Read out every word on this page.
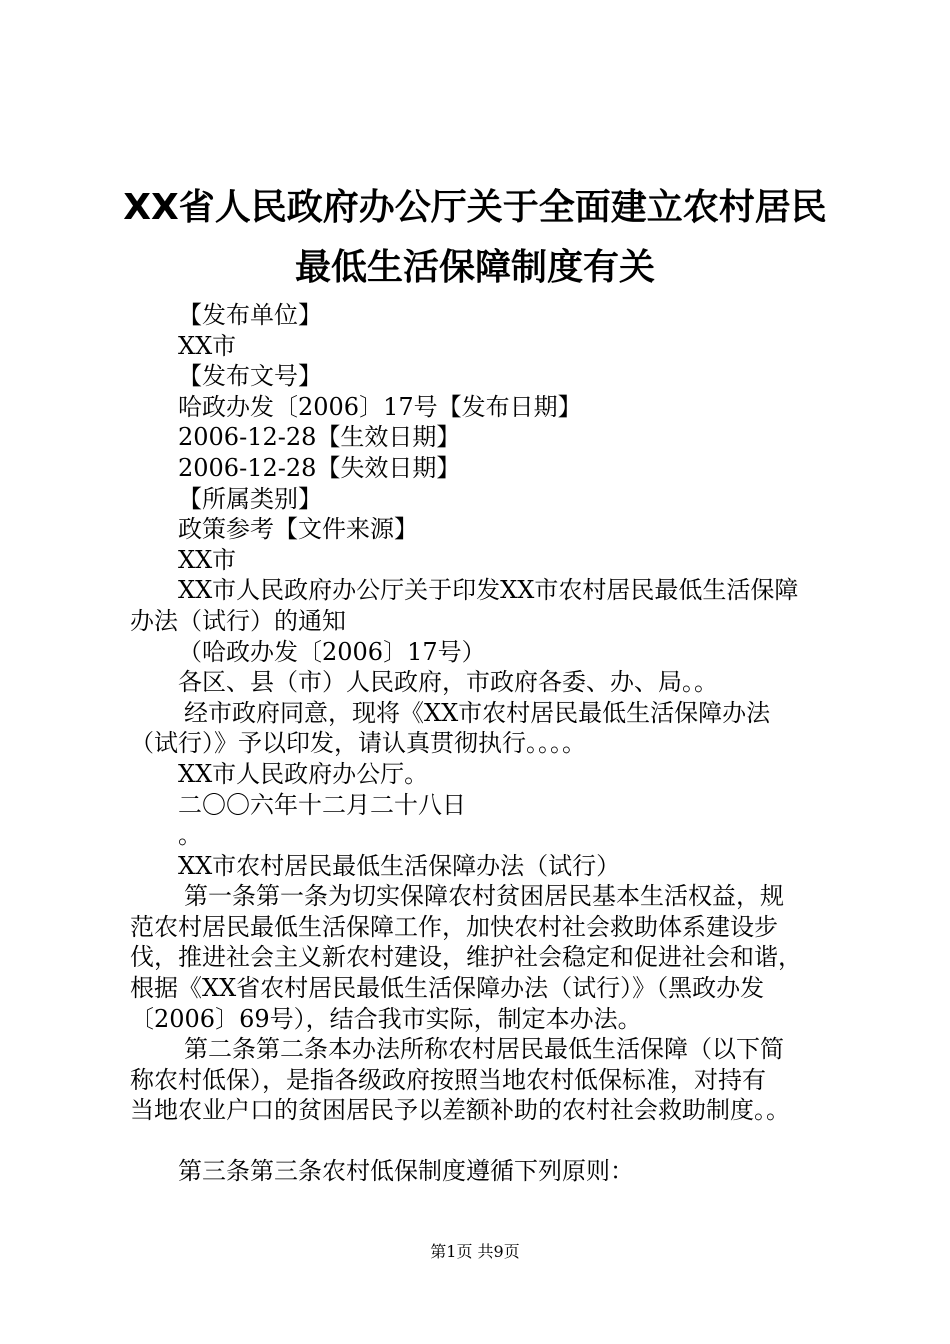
XX省人民政府办公厅关于全面建立农村居民
最低生活保障制度有关

【发布单位】

XX市

【发布文号】

哈政办发〔2006〕17号【发布日期】

2006-12-28【生效日期】

2006-12-28【失效日期】

【所属类别】

政策参考【文件来源】

XX市

XX市人民政府办公厅关于印发XX市农村居民最低生活保障

办法（试行）的通知

（哈政办发〔2006〕17号）

各区、县（市）人民政府，市政府各委、办、局。。

经市政府同意，现将《XX市农村居民最低生活保障办法

（试行）》予以印发，请认真贯彻执行。。。。

XX市人民政府办公厅。

二〇〇六年十二月二十八日

。

XX市农村居民最低生活保障办法（试行）

第一条第一条为切实保障农村贫困居民基本生活权益，规

范农村居民最低生活保障工作，加快农村社会救助体系建设步

伐，推进社会主义新农村建设，维护社会稳定和促进社会和谐，

根据《XX省农村居民最低生活保障办法（试行）》（黑政办发

〔2006〕69号），结合我市实际，制定本办法。

第二条第二条本办法所称农村居民最低生活保障（以下简

称农村低保），是指各级政府按照当地农村低保标准，对持有

当地农业户口的贫困居民予以差额补助的农村社会救助制度。。

第三条第三条农村低保制度遵循下列原则：

第1页 共9页
